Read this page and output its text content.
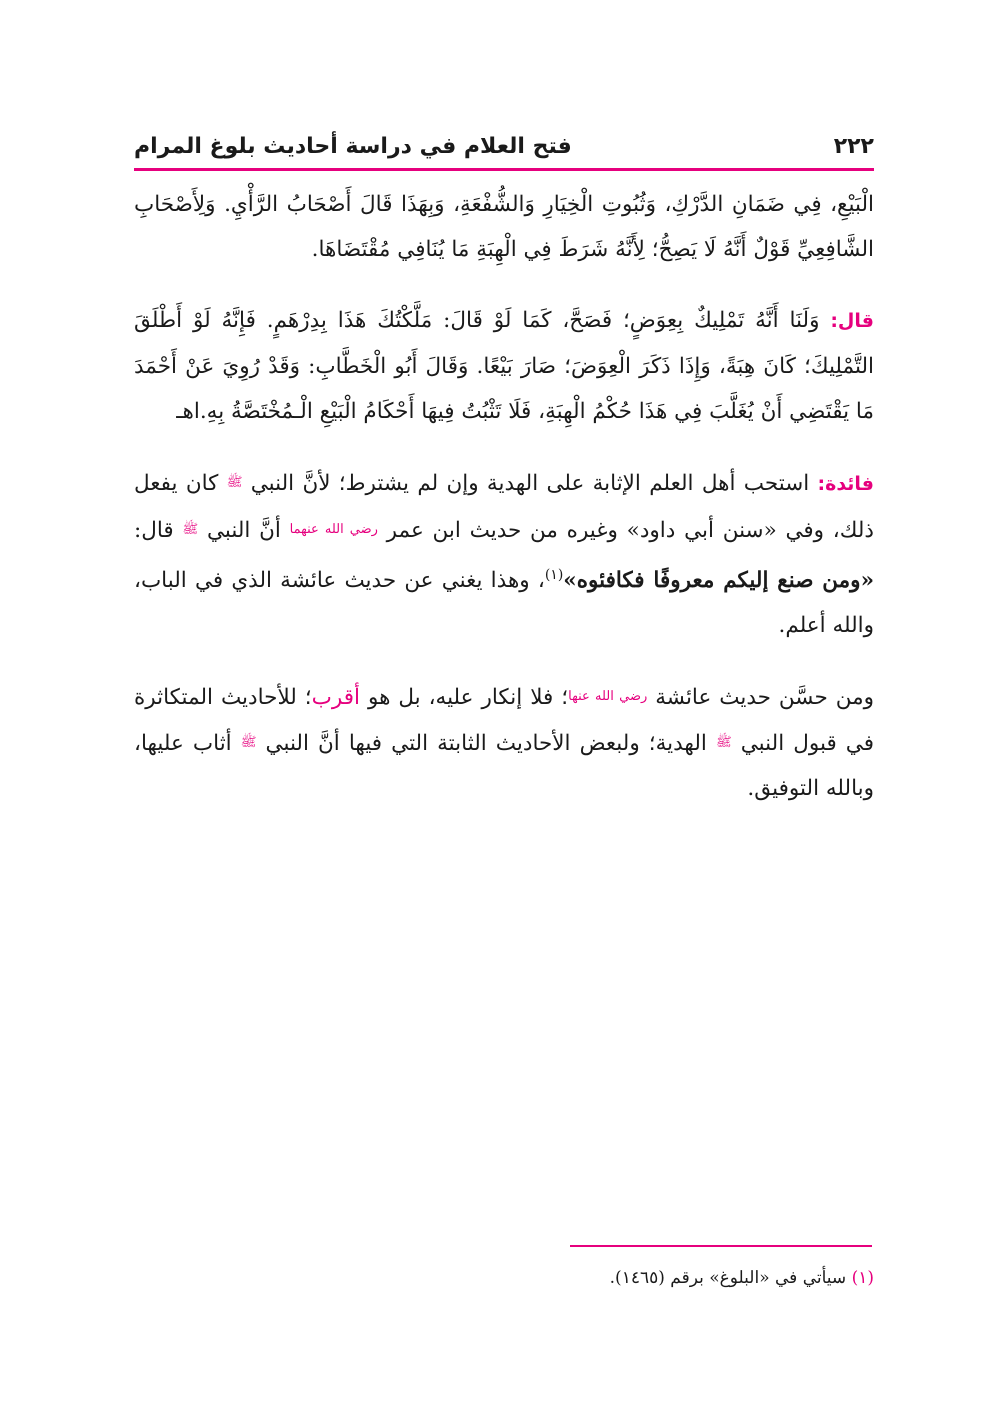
٢٢٢
فتح العلام في دراسة أحاديث بلوغ المرام

الْبَيْعِ، فِي ضَمَانِ الدَّرْكِ، وَثُبُوتِ الْخِيَارِ وَالشُّفْعَةِ، وَبِهَذَا قَالَ أَصْحَابُ الرَّأْيِ. وَلِأَصْحَابِ الشَّافِعِيِّ قَوْلٌ أَنَّهُ لَا يَصِحُّ؛ لِأَنَّهُ شَرَطَ فِي الْهِبَةِ مَا يُنَافِي مُقْتَضَاهَا.

قال: وَلَنَا أَنَّهُ تَمْلِيكٌ بِعِوَضٍ؛ فَصَحَّ، كَمَا لَوْ قَالَ: مَلَّكْتُكَ هَذَا بِدِرْهَمٍ. فَإِنَّهُ لَوْ أَطْلَقَ التَّمْلِيكَ؛ كَانَ هِبَةً، وَإِذَا ذَكَرَ الْعِوَضَ؛ صَارَ بَيْعًا. وَقَالَ أَبُو الْخَطَّابِ: وَقَدْ رُوِيَ عَنْ أَحْمَدَ مَا يَقْتَضِي أَنْ يُغَلَّبَ فِي هَذَا حُكْمُ الْهِبَةِ، فَلَا تَثْبُتُ فِيهَا أَحْكَامُ الْبَيْعِ الْـمُخْتَصَّةُ بِهِ.اهـ

فائدة: استحب أهل العلم الإثابة على الهدية وإن لم يشترط؛ لأنَّ النبي ﷺ كان يفعل ذلك، وفي «سنن أبي داود» وغيره من حديث ابن عمر رضي الله عنهما أنَّ النبي ﷺ قال: «ومن صنع إليكم معروفًا فكافئوه»$^{(١)}$، وهذا يغني عن حديث عائشة الذي في الباب، والله أعلم.

ومن حسَّن حديث عائشة رضي الله عنها؛ فلا إنكار عليه، بل هو أقرب؛ للأحاديث المتكاثرة في قبول النبي ﷺ الهدية؛ ولبعض الأحاديث الثابتة التي فيها أنَّ النبي ﷺ أثاب عليها، وبالله التوفيق.

(١) سيأتي في «البلوغ» برقم (١٤٦٥).
